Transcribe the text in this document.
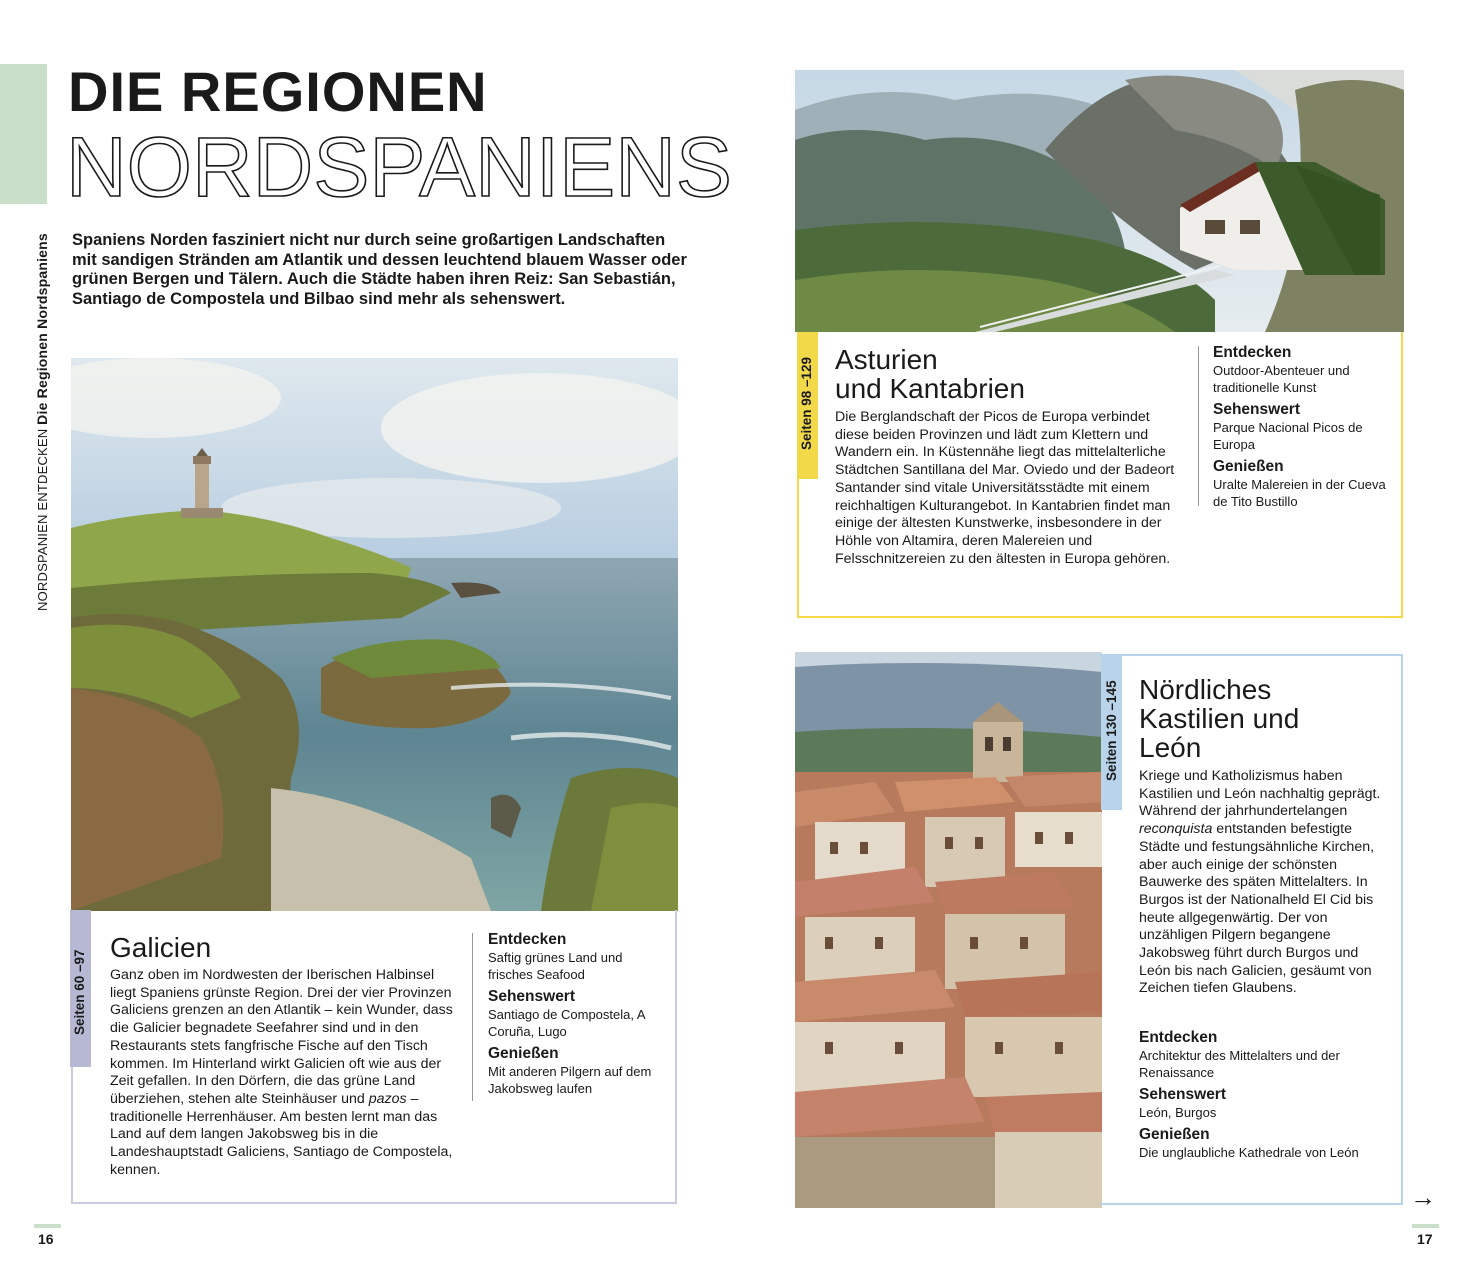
NORDSPANIEN ENTDECKEN Die Regionen Nordspaniens
DIE REGIONEN
NORDSPANIENS

Spaniens Norden fasziniert nicht nur durch seine großartigen Landschaften mit sandigen Stränden am Atlantik und dessen leuchtend blauem Wasser oder grünen Bergen und Tälern. Auch die Städte haben ihren Reiz: San Sebastián, Santiago de Compostela und Bilbao sind mehr als sehenswert.

Seiten 60 –97
Galicien

Ganz oben im Nordwesten der Iberischen Halbinsel liegt Spaniens grünste Region. Drei der vier Provinzen Galiciens grenzen an den Atlantik – kein Wunder, dass die Galicier begnadete Seefahrer sind und in den Restaurants stets fangfrische Fische auf den Tisch kommen. Im Hinterland wirkt Galicien oft wie aus der Zeit gefallen. In den Dörfern, die das grüne Land überziehen, stehen alte Steinhäuser und pazos – traditionelle Herrenhäuser. Am besten lernt man das Land auf dem langen Jakobsweg bis in die Landeshauptstadt Galiciens, Santiago de Compostela, kennen.

Entdecken
Saftig grünes Land und frisches Seafood
Sehenswert
Santiago de Compostela, A Coruña, Lugo
Genießen
Mit anderen Pilgern auf dem Jakobsweg laufen
16
Seiten 98 –129 Asturien
und Kantabrien

Die Berglandschaft der Picos de Europa verbindet diese beiden Provinzen und lädt zum Klettern und Wandern ein. In Küstennähe liegt das mittelalterliche Städtchen Santillana del Mar. Oviedo und der Badeort Santander sind vitale Universitätsstädte mit einem reichhaltigen Kulturangebot. In Kantabrien findet man einige der ältesten Kunstwerke, insbesondere in der Höhle von Altamira, deren Malereien und Felsschnitzereien zu den ältesten in Europa gehören.

Entdecken
Outdoor-Abenteuer und traditionelle Kunst
Sehenswert
Parque Nacional Picos de Europa
Genießen
Uralte Malereien in der Cueva de Tito Bustillo
Seiten 130 –145 Nördliches
Kastilien und
León

Kriege und Katholizismus haben Kastilien und León nachhaltig geprägt. Während der jahrhundertelangen reconquista entstanden befestigte Städte und festungsähnliche Kirchen, aber auch einige der schönsten Bauwerke des späten Mittelalters. In Burgos ist der Nationalheld El Cid bis heute allgegenwärtig. Der von unzähligen Pilgern begangene Jakobsweg führt durch Burgos und León bis nach Galicien, gesäumt von Zeichen tiefen Glaubens.

Entdecken
Architektur des Mittelalters und der Renaissance
Sehenswert
León, Burgos
Genießen
Die unglaubliche Kathedrale von León
→
17
